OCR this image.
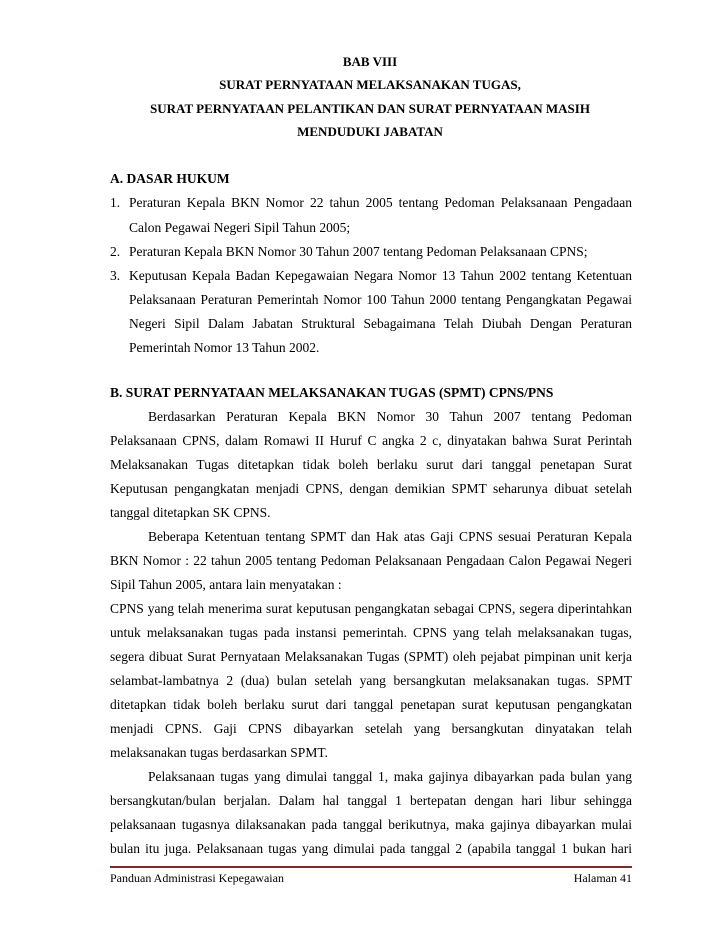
BAB VIII
SURAT PERNYATAAN MELAKSANAKAN TUGAS,
SURAT PERNYATAAN PELANTIKAN DAN SURAT PERNYATAAN MASIH
MENDUDUKI JABATAN
A. DASAR HUKUM
1. Peraturan Kepala BKN Nomor 22 tahun 2005 tentang Pedoman Pelaksanaan Pengadaan
Calon Pegawai Negeri Sipil Tahun 2005;
2. Peraturan Kepala BKN Nomor 30 Tahun 2007 tentang Pedoman Pelaksanaan CPNS;
3. Keputusan Kepala Badan Kepegawaian Negara Nomor 13 Tahun 2002 tentang Ketentuan
Pelaksanaan Peraturan Pemerintah Nomor 100 Tahun 2000 tentang Pengangkatan Pegawai
Negeri Sipil Dalam Jabatan Struktural Sebagaimana Telah Diubah Dengan Peraturan
Pemerintah Nomor 13 Tahun 2002.
B. SURAT PERNYATAAN MELAKSANAKAN TUGAS (SPMT) CPNS/PNS
Berdasarkan Peraturan Kepala BKN Nomor 30 Tahun 2007 tentang Pedoman
Pelaksanaan CPNS, dalam Romawi II Huruf C angka 2 c, dinyatakan bahwa Surat Perintah
Melaksanakan Tugas ditetapkan tidak boleh berlaku surut dari tanggal penetapan Surat
Keputusan pengangkatan menjadi CPNS, dengan demikian SPMT seharunya dibuat setelah
tanggal ditetapkan SK CPNS.
Beberapa Ketentuan tentang SPMT dan Hak atas Gaji CPNS sesuai Peraturan Kepala
BKN Nomor : 22 tahun 2005 tentang Pedoman Pelaksanaan Pengadaan Calon Pegawai Negeri
Sipil Tahun 2005, antara lain menyatakan :
CPNS yang telah menerima surat keputusan pengangkatan sebagai CPNS, segera diperintahkan
untuk melaksanakan tugas pada instansi pemerintah. CPNS yang telah melaksanakan tugas,
segera dibuat Surat Pernyataan Melaksanakan Tugas (SPMT) oleh pejabat pimpinan unit kerja
selambat-lambatnya 2 (dua) bulan setelah yang bersangkutan melaksanakan tugas. SPMT
ditetapkan tidak boleh berlaku surut dari tanggal penetapan surat keputusan pengangkatan
menjadi CPNS. Gaji CPNS dibayarkan setelah yang bersangkutan dinyatakan telah
melaksanakan tugas berdasarkan SPMT.
Pelaksanaan tugas yang dimulai tanggal 1, maka gajinya dibayarkan pada bulan yang
bersangkutan/bulan berjalan. Dalam hal tanggal 1 bertepatan dengan hari libur sehingga
pelaksanaan tugasnya dilaksanakan pada tanggal berikutnya, maka gajinya dibayarkan mulai
bulan itu juga. Pelaksanaan tugas yang dimulai pada tanggal 2 (apabila tanggal 1 bukan hari
Panduan Administrasi Kepegawaian	Halaman 41
